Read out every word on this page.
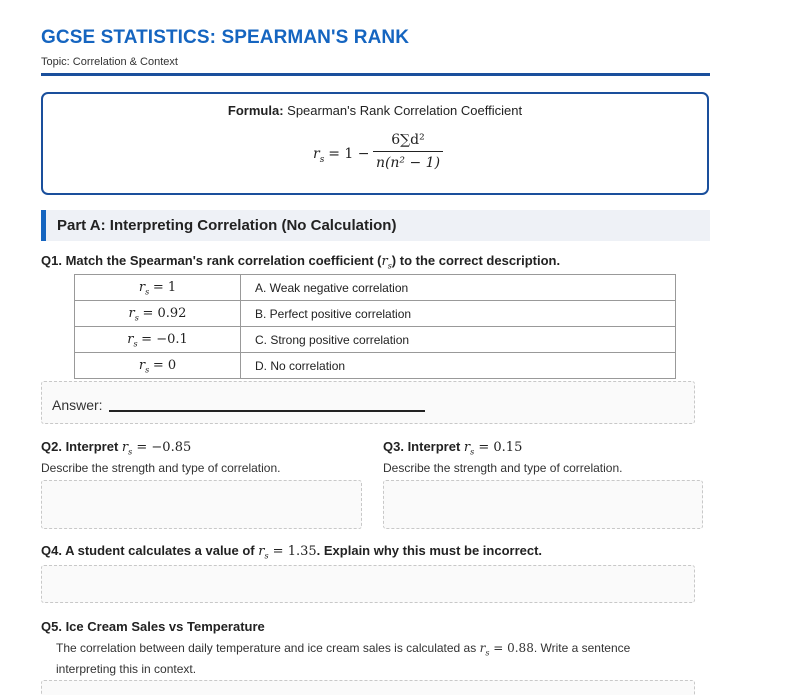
GCSE STATISTICS: SPEARMAN'S RANK
Topic: Correlation & Context
Formula: Spearman's Rank Correlation Coefficient
$r_s = 1$ −
6∑d²
n(n² − 1)
Part A: Interpreting Correlation (No Calculation)
Q1. Match the Spearman's rank correlation coefficient $(r_s)$ to the correct description.
$r_s = 1$	A. Weak negative correlation
$r_s = 0.92$	B. Perfect positive correlation
$r_s = -0.1$	C. Strong positive correlation
$r_s = 0$	D. No correlation
Answer:
Q2. Interpret $r_s = -0.85$
Describe the strength and type of correlation.
Q3. Interpret $r_s = 0.15$
Describe the strength and type of correlation.
Q4. A student calculates a value of $r_s = 1.35$. Explain why this must be incorrect.
Q5. Ice Cream Sales vs Temperature
The correlation between daily temperature and ice cream sales is calculated as $r_s = 0.88$. Write a sentence interpreting this in context.
